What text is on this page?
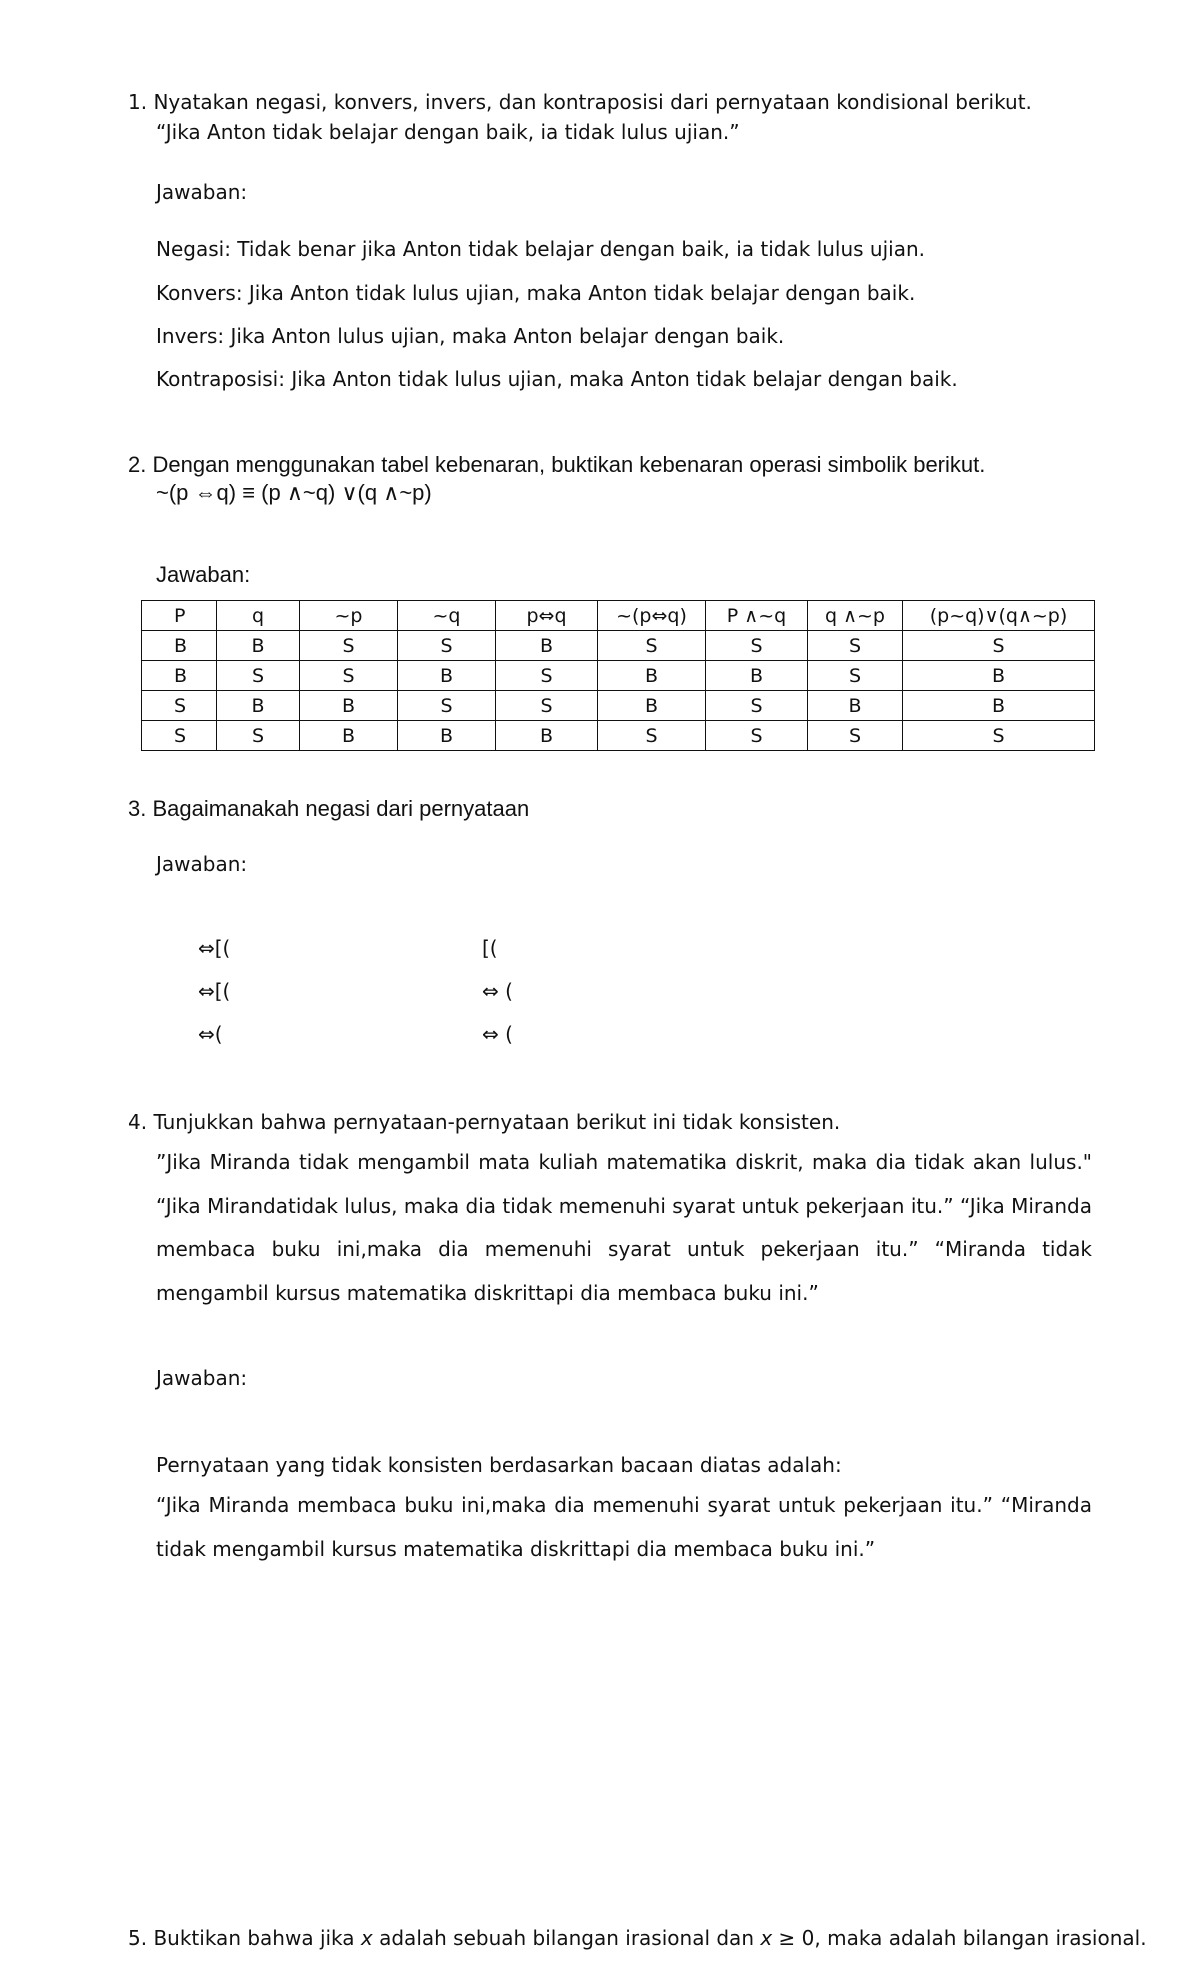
1. Nyatakan negasi, konvers, invers, dan kontraposisi dari pernyataan kondisional berikut.
“Jika Anton tidak belajar dengan baik, ia tidak lulus ujian.”
Jawaban:
Negasi: Tidak benar jika Anton tidak belajar dengan baik, ia tidak lulus ujian.
Konvers: Jika Anton tidak lulus ujian, maka Anton tidak belajar dengan baik.
Invers: Jika Anton lulus ujian, maka Anton belajar dengan baik.
Kontraposisi: Jika Anton tidak lulus ujian, maka Anton tidak belajar dengan baik.
2. Dengan menggunakan tabel kebenaran, buktikan kebenaran operasi simbolik berikut.
~(p ⇔q) ≡ (p ∧~q) ∨(q ∧~p)
Jawaban:
P	q	~p	~q	p⇔q	~(p⇔q)	P ∧~q	q ∧~p	(p~q)∨(q∧~p)
B	B	S	S	B	S	S	S	S
B	S	S	B	S	B	B	S	B
S	B	B	S	S	B	S	B	B
S	S	B	B	B	S	S	S	S
3. Bagaimanakah negasi dari pernyataan
Jawaban:
⇔[(
⇔[(
⇔(
[(
⇔ (
⇔ (
4. Tunjukkan bahwa pernyataan-pernyataan berikut ini tidak konsisten.

”Jika Miranda tidak mengambil mata kuliah matematika diskrit, maka dia tidak akan lulus." “Jika Mirandatidak lulus, maka dia tidak memenuhi syarat untuk pekerjaan itu.” “Jika Miranda membaca buku ini,maka dia memenuhi syarat untuk pekerjaan itu.” “Miranda tidak mengambil kursus matematika diskrittapi dia membaca buku ini.”

Jawaban:
Pernyataan yang tidak konsisten berdasarkan bacaan diatas adalah:

“Jika Miranda membaca buku ini,maka dia memenuhi syarat untuk pekerjaan itu.” “Miranda tidak mengambil kursus matematika diskrittapi dia membaca buku ini.”

5. Buktikan bahwa jika x adalah sebuah bilangan irasional dan x ≥ 0, maka adalah bilangan irasional.
